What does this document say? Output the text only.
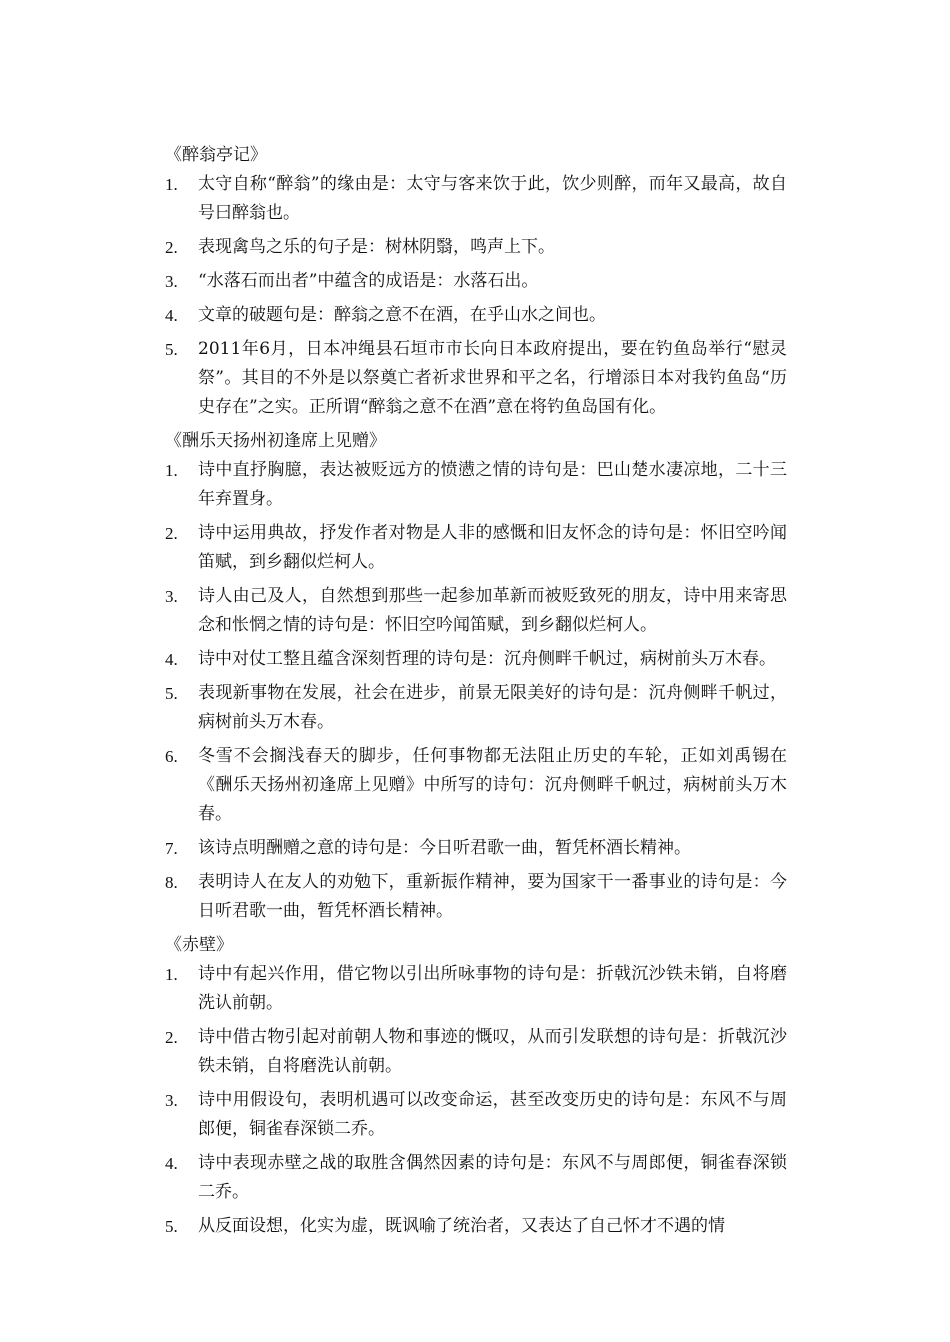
《醉翁亭记》
1.	太守自称“醉翁”的缘由是：太守与客来饮于此，饮少则醉，而年又最高，故自号曰醉翁也。
2.	表现禽鸟之乐的句子是：树林阴翳，鸣声上下。
3.	“水落石而出者”中蕴含的成语是：水落石出。
4.	文章的破题句是：醉翁之意不在酒，在乎山水之间也。
5.	2011年6月，日本冲绳县石垣市市长向日本政府提出，要在钓鱼岛举行“慰灵祭”。其目的不外是以祭奠亡者祈求世界和平之名，行增添日本对我钓鱼岛“历史存在”之实。正所谓“醉翁之意不在酒”意在将钓鱼岛国有化。
《酬乐天扬州初逢席上见赠》
1.	诗中直抒胸臆，表达被贬远方的愤懑之情的诗句是：巴山楚水凄凉地，二十三年弃置身。
2.	诗中运用典故，抒发作者对物是人非的感慨和旧友怀念的诗句是：怀旧空吟闻笛赋，到乡翻似烂柯人。
3.	诗人由己及人，自然想到那些一起参加革新而被贬致死的朋友，诗中用来寄思念和怅惘之情的诗句是：怀旧空吟闻笛赋，到乡翻似烂柯人。
4.	诗中对仗工整且蕴含深刻哲理的诗句是：沉舟侧畔千帆过，病树前头万木春。
5.	表现新事物在发展，社会在进步，前景无限美好的诗句是：沉舟侧畔千帆过，病树前头万木春。
6.	冬雪不会搁浅春天的脚步，任何事物都无法阻止历史的车轮，正如刘禹锡在《酬乐天扬州初逢席上见赠》中所写的诗句：沉舟侧畔千帆过，病树前头万木春。
7.	该诗点明酬赠之意的诗句是：今日听君歌一曲，暂凭杯酒长精神。
8.	表明诗人在友人的劝勉下，重新振作精神，要为国家干一番事业的诗句是：今日听君歌一曲，暂凭杯酒长精神。
《赤壁》
1.	诗中有起兴作用，借它物以引出所咏事物的诗句是：折戟沉沙铁未销，自将磨洗认前朝。
2.	诗中借古物引起对前朝人物和事迹的慨叹，从而引发联想的诗句是：折戟沉沙铁未销，自将磨洗认前朝。
3.	诗中用假设句，表明机遇可以改变命运，甚至改变历史的诗句是：东风不与周郎便，铜雀春深锁二乔。
4.	诗中表现赤壁之战的取胜含偶然因素的诗句是：东风不与周郎便，铜雀春深锁二乔。
5.	从反面设想，化实为虚，既讽喻了统治者，又表达了自己怀才不遇的情
